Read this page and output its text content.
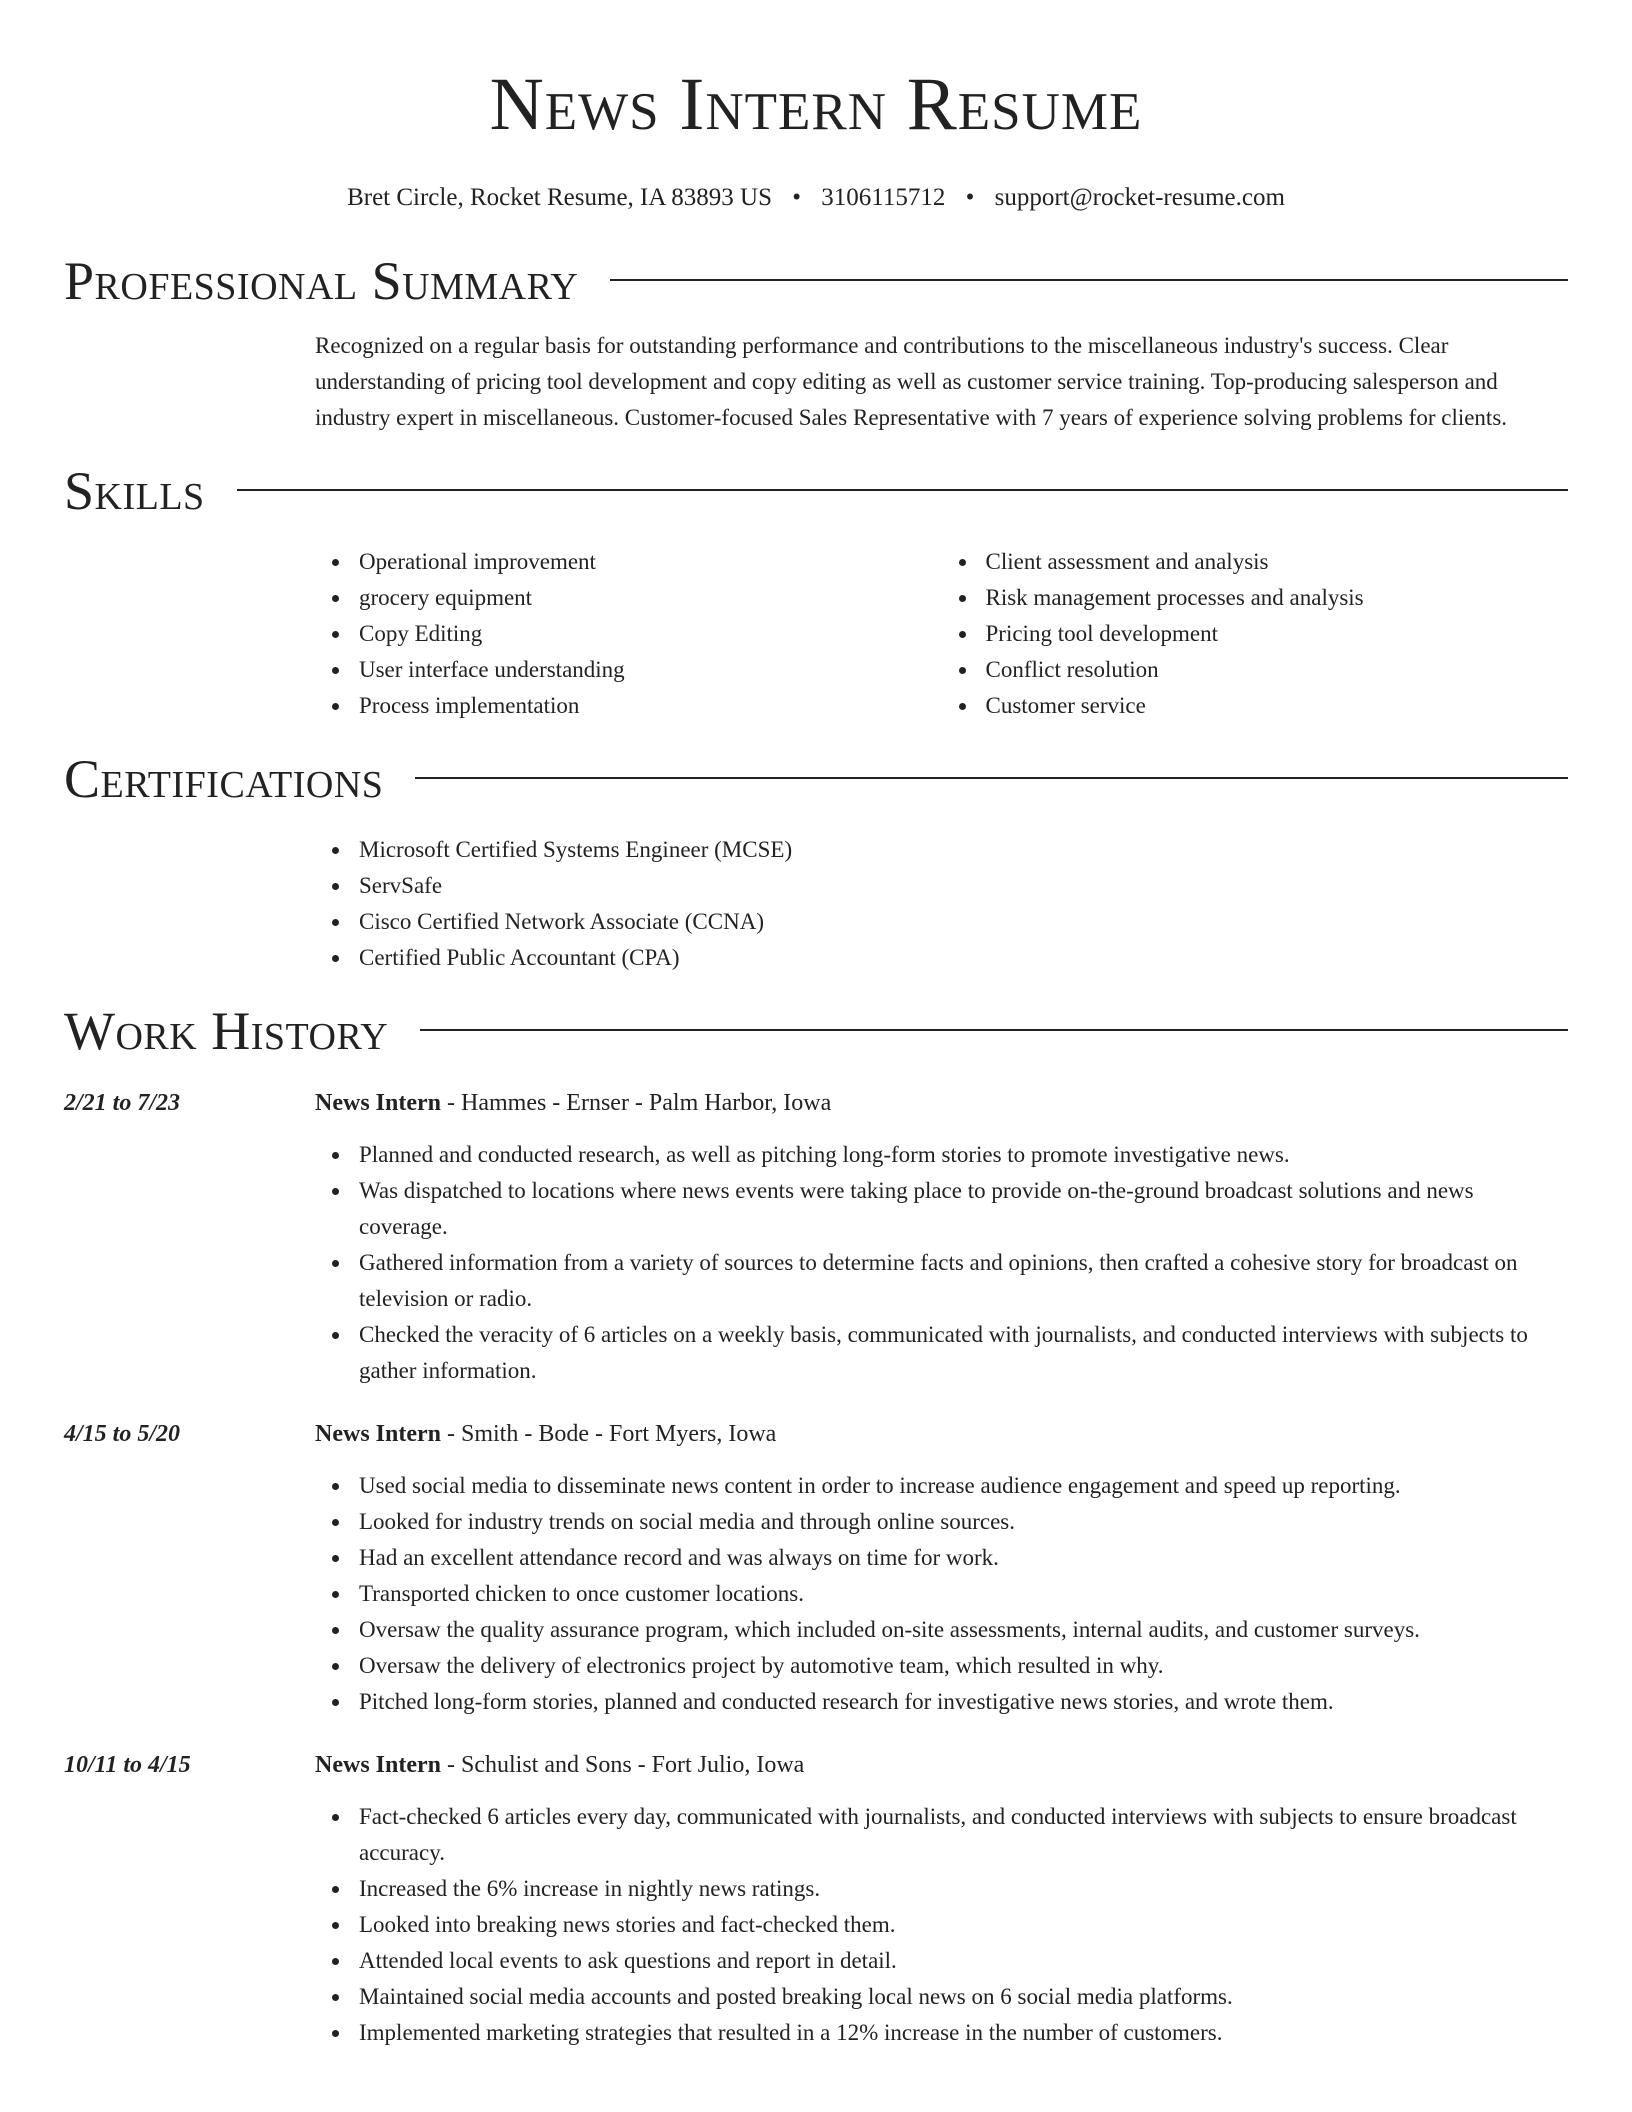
News Intern Resume
Bret Circle, Rocket Resume, IA 83893 US • 3106115712 • support@rocket-resume.com
Professional Summary
Recognized on a regular basis for outstanding performance and contributions to the miscellaneous industry's success. Clear understanding of pricing tool development and copy editing as well as customer service training. Top-producing salesperson and industry expert in miscellaneous. Customer-focused Sales Representative with 7 years of experience solving problems for clients.
Skills
Operational improvement
grocery equipment
Copy Editing
User interface understanding
Process implementation
Client assessment and analysis
Risk management processes and analysis
Pricing tool development
Conflict resolution
Customer service
Certifications
Microsoft Certified Systems Engineer (MCSE)
ServSafe
Cisco Certified Network Associate (CCNA)
Certified Public Accountant (CPA)
Work History
2/21 to 7/23	News Intern - Hammes - Ernser - Palm Harbor, Iowa
Planned and conducted research, as well as pitching long-form stories to promote investigative news.
Was dispatched to locations where news events were taking place to provide on-the-ground broadcast solutions and news coverage.
Gathered information from a variety of sources to determine facts and opinions, then crafted a cohesive story for broadcast on television or radio.
Checked the veracity of 6 articles on a weekly basis, communicated with journalists, and conducted interviews with subjects to gather information.
4/15 to 5/20	News Intern - Smith - Bode - Fort Myers, Iowa
Used social media to disseminate news content in order to increase audience engagement and speed up reporting.
Looked for industry trends on social media and through online sources.
Had an excellent attendance record and was always on time for work.
Transported chicken to once customer locations.
Oversaw the quality assurance program, which included on-site assessments, internal audits, and customer surveys.
Oversaw the delivery of electronics project by automotive team, which resulted in why.
Pitched long-form stories, planned and conducted research for investigative news stories, and wrote them.
10/11 to 4/15	News Intern - Schulist and Sons - Fort Julio, Iowa
Fact-checked 6 articles every day, communicated with journalists, and conducted interviews with subjects to ensure broadcast accuracy.
Increased the 6% increase in nightly news ratings.
Looked into breaking news stories and fact-checked them.
Attended local events to ask questions and report in detail.
Maintained social media accounts and posted breaking local news on 6 social media platforms.
Implemented marketing strategies that resulted in a 12% increase in the number of customers.
